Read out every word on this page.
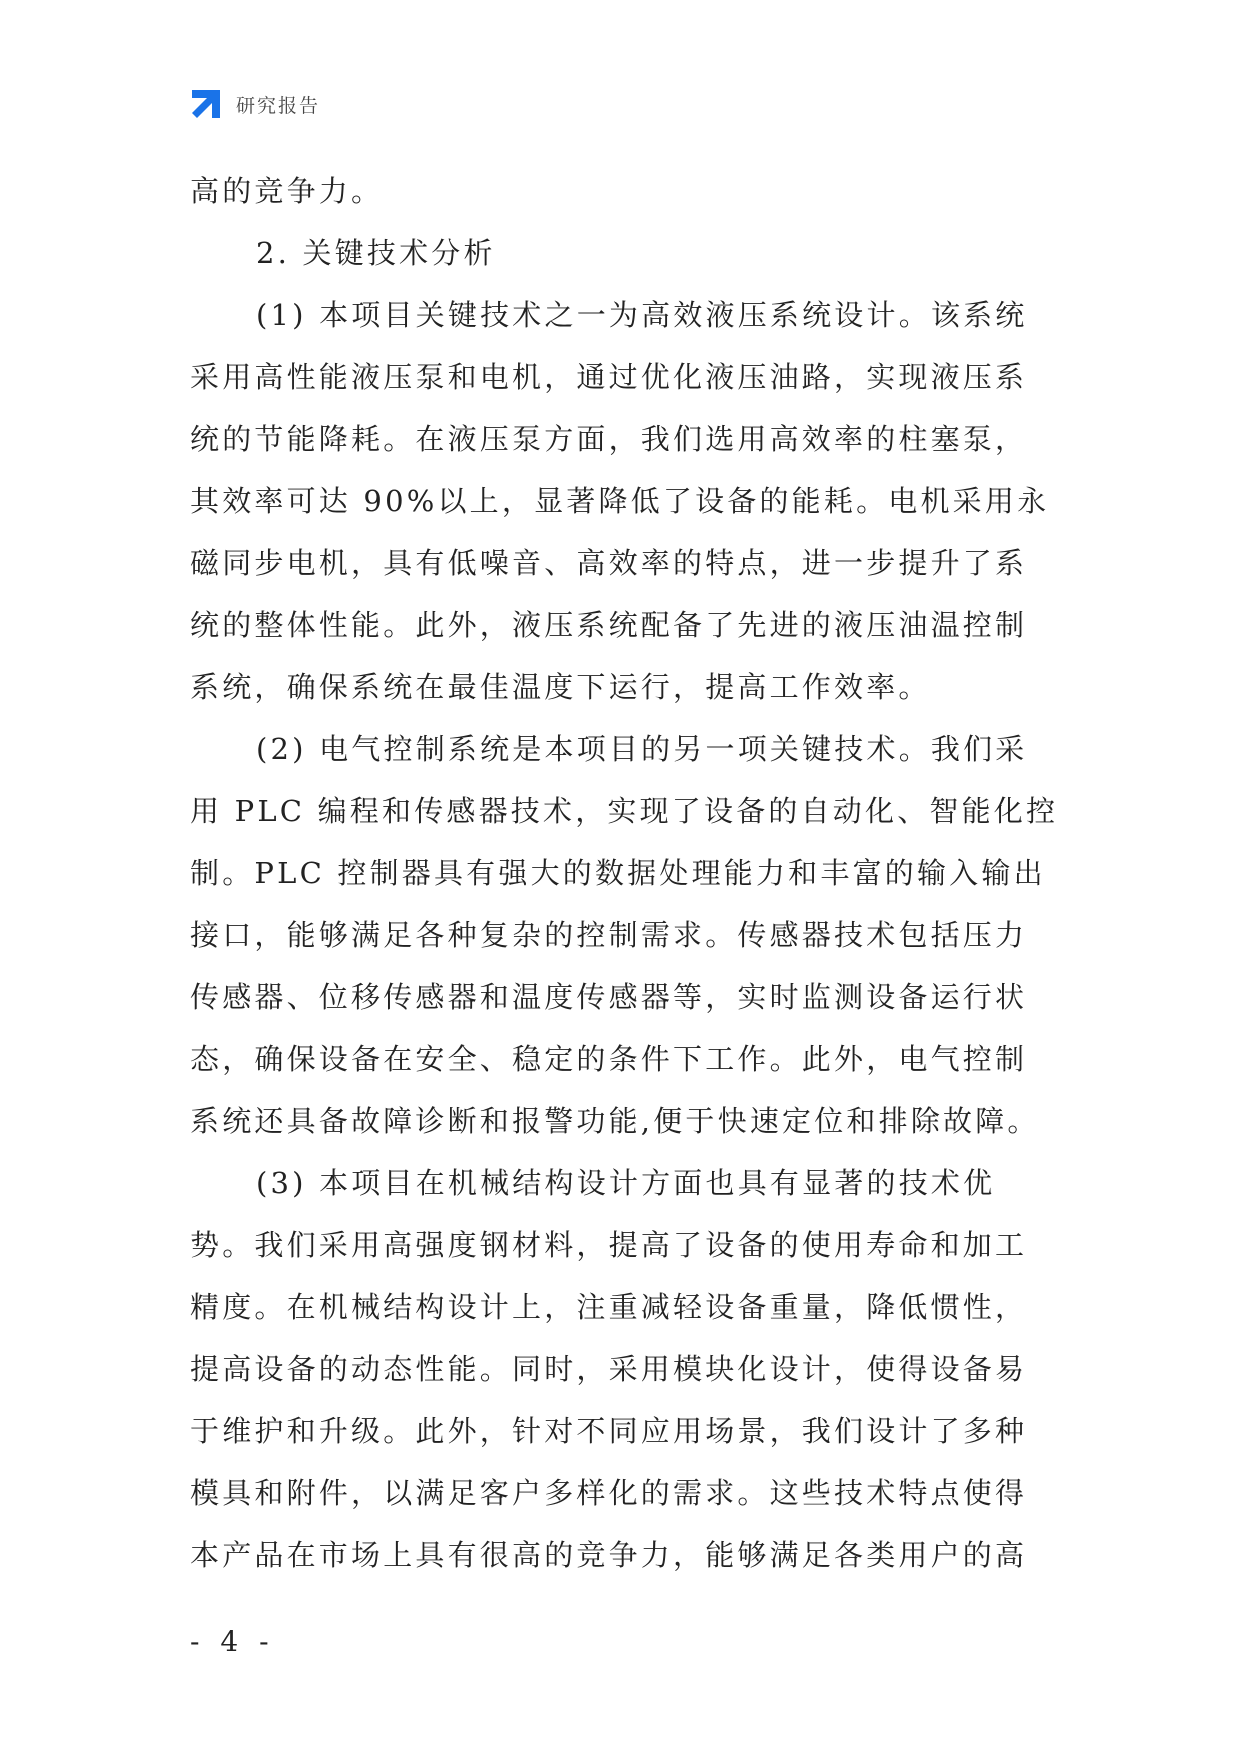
研究报告
高的竞争力。
2. 关键技术分析
(1) 本项目关键技术之一为高效液压系统设计。该系统
采用高性能液压泵和电机，通过优化液压油路，实现液压系
统的节能降耗。在液压泵方面，我们选用高效率的柱塞泵，
其效率可达 90%以上，显著降低了设备的能耗。电机采用永
磁同步电机，具有低噪音、高效率的特点，进一步提升了系
统的整体性能。此外，液压系统配备了先进的液压油温控制
系统，确保系统在最佳温度下运行，提高工作效率。
(2) 电气控制系统是本项目的另一项关键技术。我们采
用 PLC 编程和传感器技术，实现了设备的自动化、智能化控
制。PLC 控制器具有强大的数据处理能力和丰富的输入输出
接口，能够满足各种复杂的控制需求。传感器技术包括压力
传感器、位移传感器和温度传感器等，实时监测设备运行状
态，确保设备在安全、稳定的条件下工作。此外，电气控制
系统还具备故障诊断和报警功能,便于快速定位和排除故障。
(3) 本项目在机械结构设计方面也具有显著的技术优
势。我们采用高强度钢材料，提高了设备的使用寿命和加工
精度。在机械结构设计上，注重减轻设备重量，降低惯性，
提高设备的动态性能。同时，采用模块化设计，使得设备易
于维护和升级。此外，针对不同应用场景，我们设计了多种
模具和附件，以满足客户多样化的需求。这些技术特点使得
本产品在市场上具有很高的竞争力，能够满足各类用户的高
- 4 -
